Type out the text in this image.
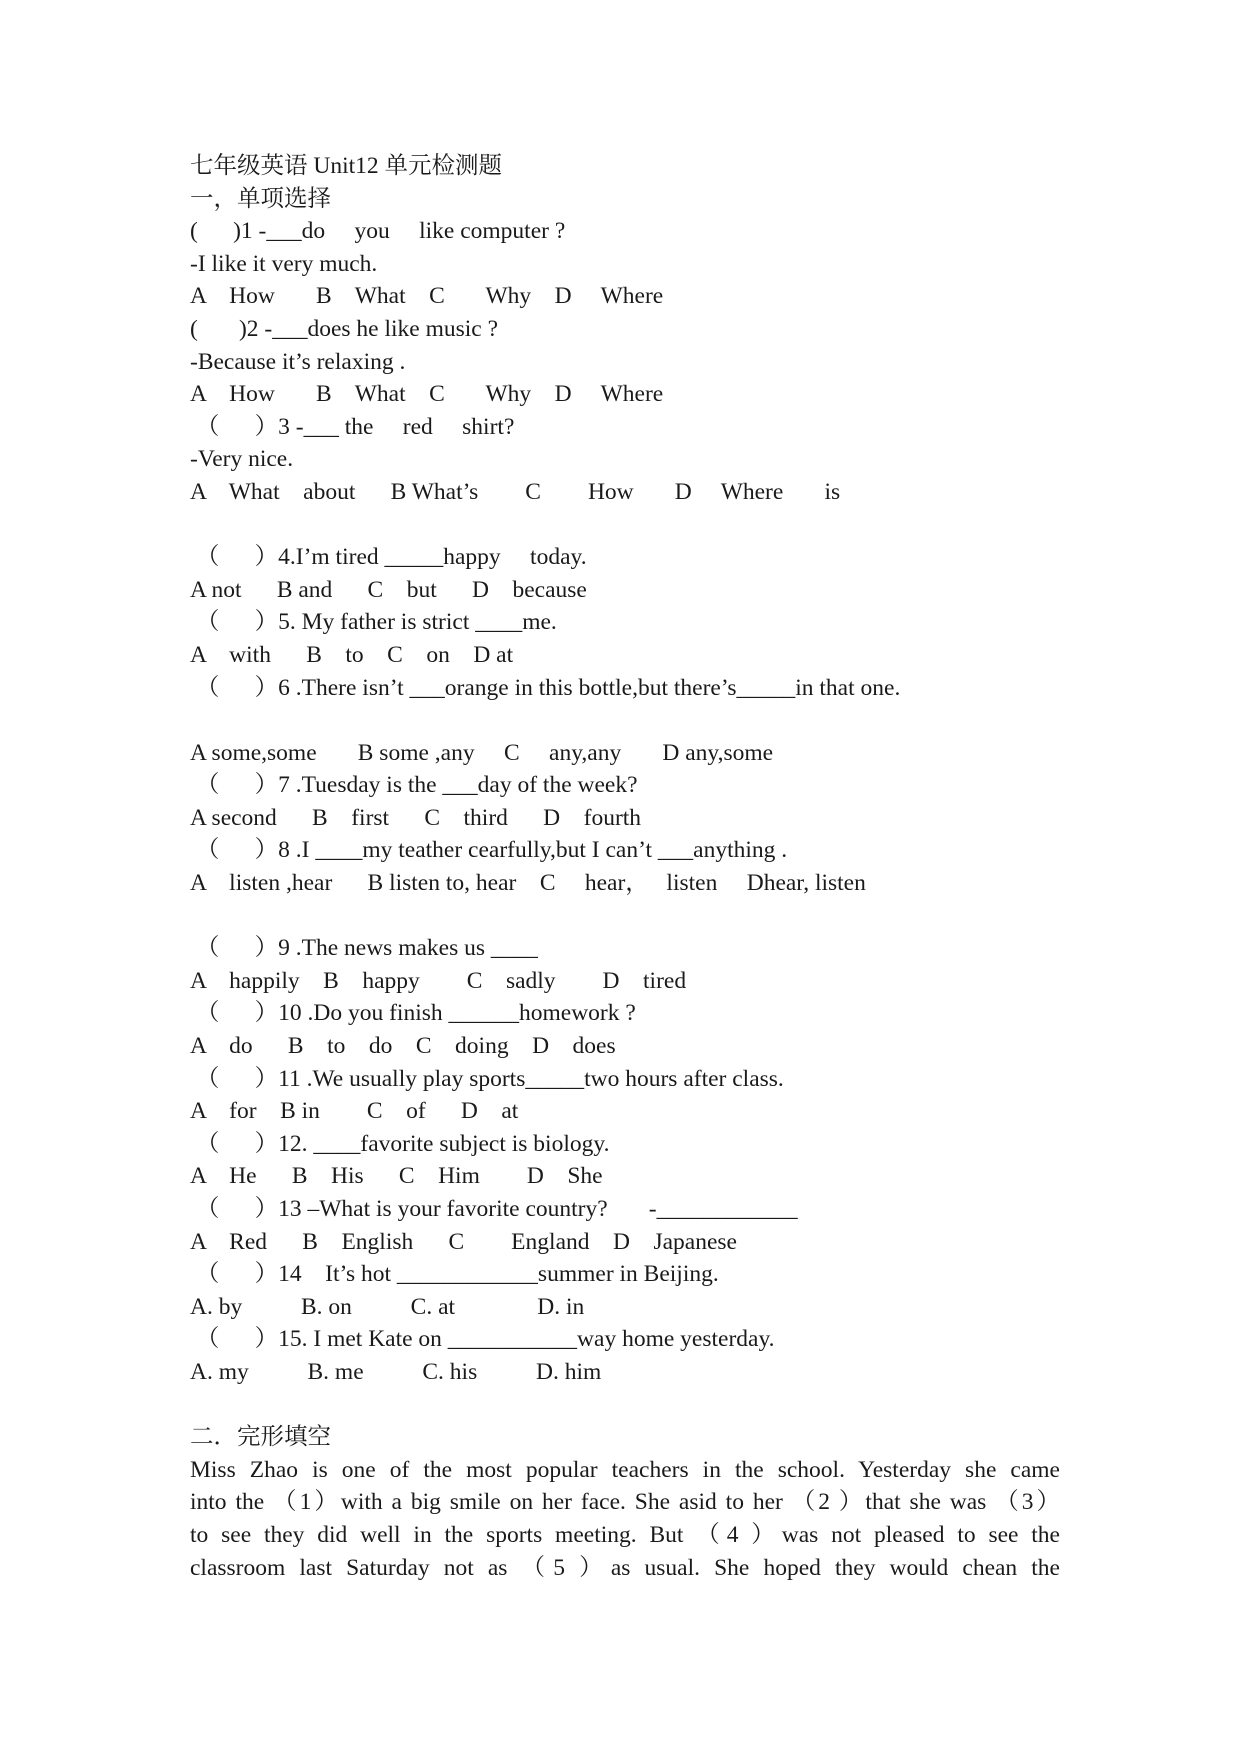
七年级英语 Unit12 单元检测题
一，单项选择
(      )1 -___do     you     like computer ?
-I like it very much.
A    How       B    What    C       Why    D     Where
(       )2 -___does he like music ?
-Because it’s relaxing .
A    How       B    What    C       Why    D     Where
（      ）3 -___ the     red     shirt?
-Very nice.
A    What    about      B What’s        C        How       D     Where       is
（      ）4.I’m tired _____happy     today.
A not      B and      C    but      D    because
（      ）5. My father is strict ____me.
A    with      B    to    C    on    D at
（      ）6 .There isn’t ___orange in this bottle,but there’s_____in that one.
A some,some       B some ,any     C     any,any       D any,some
（      ）7 .Tuesday is the ___day of the week?
A second      B    first      C    third      D    fourth
（      ）8 .I ____my teather cearfully,but I can’t ___anything .
A    listen ,hear      B listen to, hear    C     hear，   listen     Dhear, listen
（      ）9 .The news makes us ____
A    happily    B    happy        C    sadly        D    tired
（      ）10 .Do you finish ______homework ?
A    do      B    to    do    C    doing    D    does
（      ）11 .We usually play sports_____two hours after class.
A    for    B in        C    of      D    at
（      ）12. ____favorite subject is biology.
A    He      B    His      C    Him        D    She
（      ）13 –What is your favorite country?       -____________
A    Red      B    English      C        England    D    Japanese
（      ）14    It’s hot ____________summer in Beijing.
A. by          B. on          C. at              D. in
（      ）15. I met Kate on ___________way home yesterday.
A. my          B. me          C. his          D. him
二．完形填空
Miss Zhao is one of the most popular teachers in the school. Yesterday she came
into the （1）with a big smile on her face. She asid to her （2 ）that she was （3）
to see they did well in the sports meeting. But （4 ）was not pleased to see the
classroom last Saturday not as （5 ）as usual. She hoped they would chean the
